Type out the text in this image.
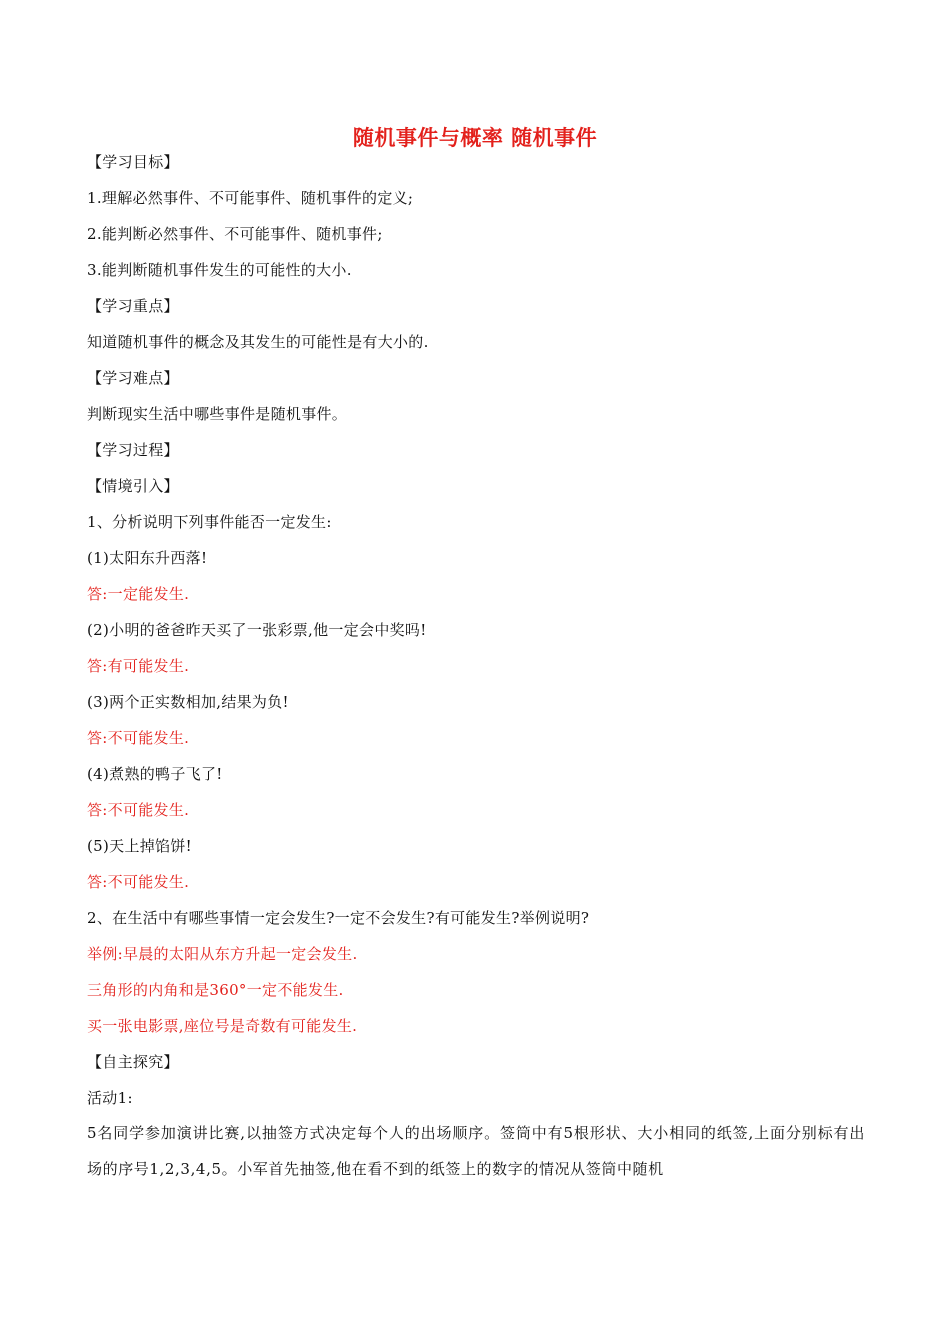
随机事件与概率 随机事件
【学习目标】
1.理解必然事件、不可能事件、随机事件的定义;
2.能判断必然事件、不可能事件、随机事件;
3.能判断随机事件发生的可能性的大小.
【学习重点】
知道随机事件的概念及其发生的可能性是有大小的.
【学习难点】
判断现实生活中哪些事件是随机事件。
【学习过程】
【情境引入】
1、分析说明下列事件能否一定发生:
(1)太阳东升西落!
答:一定能发生.
(2)小明的爸爸昨天买了一张彩票,他一定会中奖吗!
答:有可能发生.
(3)两个正实数相加,结果为负!
答:不可能发生.
(4)煮熟的鸭子飞了!
答:不可能发生.
(5)天上掉馅饼!
答:不可能发生.
2、在生活中有哪些事情一定会发生?一定不会发生?有可能发生?举例说明?
举例:早晨的太阳从东方升起一定会发生.
三角形的内角和是360°一定不能发生.
买一张电影票,座位号是奇数有可能发生.
【自主探究】
活动1:
5名同学参加演讲比赛,以抽签方式决定每个人的出场顺序。签筒中有5根形状、大小相同的纸签,上面分别标有出场的序号1,2,3,4,5。小军首先抽签,他在看不到的纸签上的数字的情况从签筒中随机
